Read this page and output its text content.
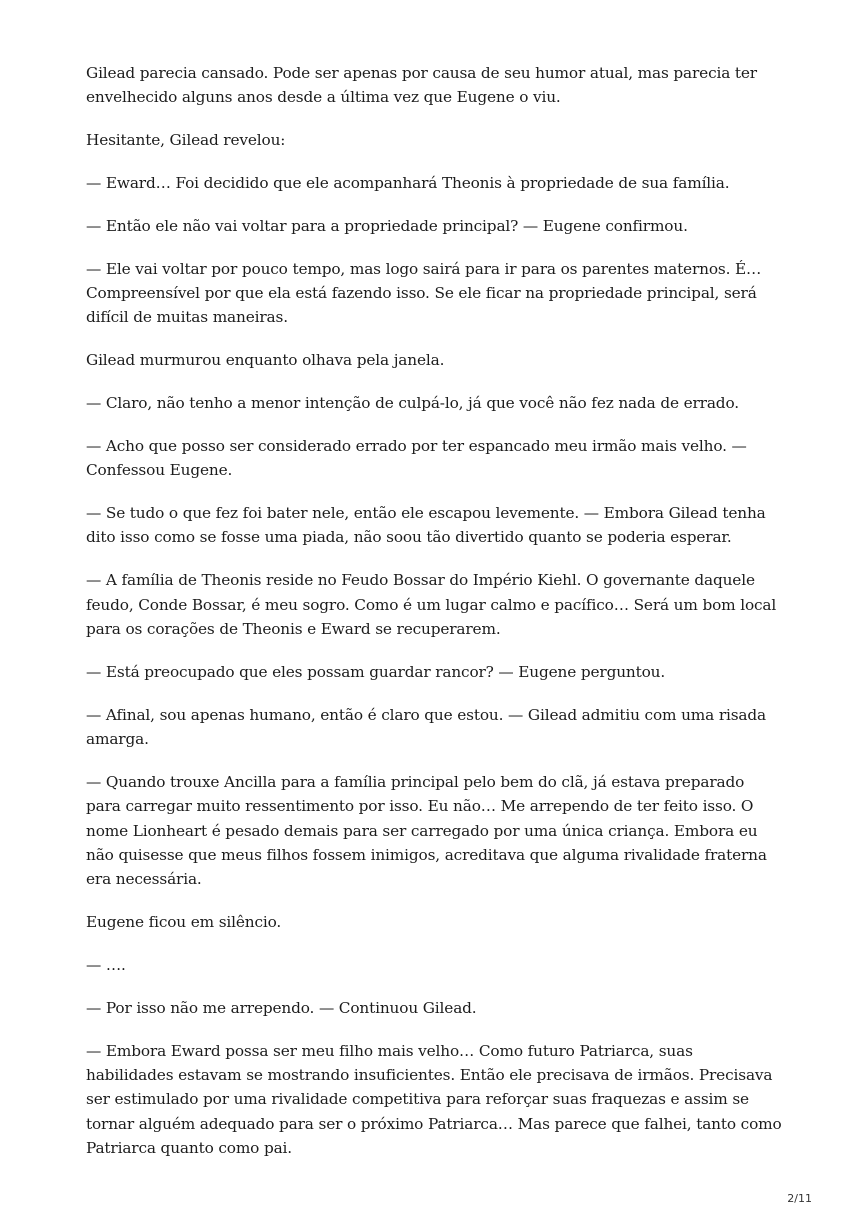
Gilead parecia cansado. Pode ser apenas por causa de seu humor atual, mas parecia ter envelhecido alguns anos desde a última vez que Eugene o viu.

Hesitante, Gilead revelou:

— Eward… Foi decidido que ele acompanhará Theonis à propriedade de sua família.

— Então ele não vai voltar para a propriedade principal? — Eugene confirmou.

— Ele vai voltar por pouco tempo, mas logo sairá para ir para os parentes maternos. É… Compreensível por que ela está fazendo isso. Se ele ficar na propriedade principal, será difícil de muitas maneiras.

Gilead murmurou enquanto olhava pela janela.

— Claro, não tenho a menor intenção de culpá-lo, já que você não fez nada de errado.

— Acho que posso ser considerado errado por ter espancado meu irmão mais velho. — Confessou Eugene.

— Se tudo o que fez foi bater nele, então ele escapou levemente. — Embora Gilead tenha dito isso como se fosse uma piada, não soou tão divertido quanto se poderia esperar.

— A família de Theonis reside no Feudo Bossar do Império Kiehl. O governante daquele feudo, Conde Bossar, é meu sogro. Como é um lugar calmo e pacífico… Será um bom local para os corações de Theonis e Eward se recuperarem.

— Está preocupado que eles possam guardar rancor? — Eugene perguntou.

— Afinal, sou apenas humano, então é claro que estou. — Gilead admitiu com uma risada amarga.

— Quando trouxe Ancilla para a família principal pelo bem do clã, já estava preparado para carregar muito ressentimento por isso. Eu não… Me arrependo de ter feito isso. O nome Lionheart é pesado demais para ser carregado por uma única criança. Embora eu não quisesse que meus filhos fossem inimigos, acreditava que alguma rivalidade fraterna era necessária.

Eugene ficou em silêncio.

— ….

— Por isso não me arrependo. — Continuou Gilead.

— Embora Eward possa ser meu filho mais velho… Como futuro Patriarca, suas habilidades estavam se mostrando insuficientes. Então ele precisava de irmãos. Precisava ser estimulado por uma rivalidade competitiva para reforçar suas fraquezas e assim se tornar alguém adequado para ser o próximo Patriarca… Mas parece que falhei, tanto como Patriarca quanto como pai.

2/11
